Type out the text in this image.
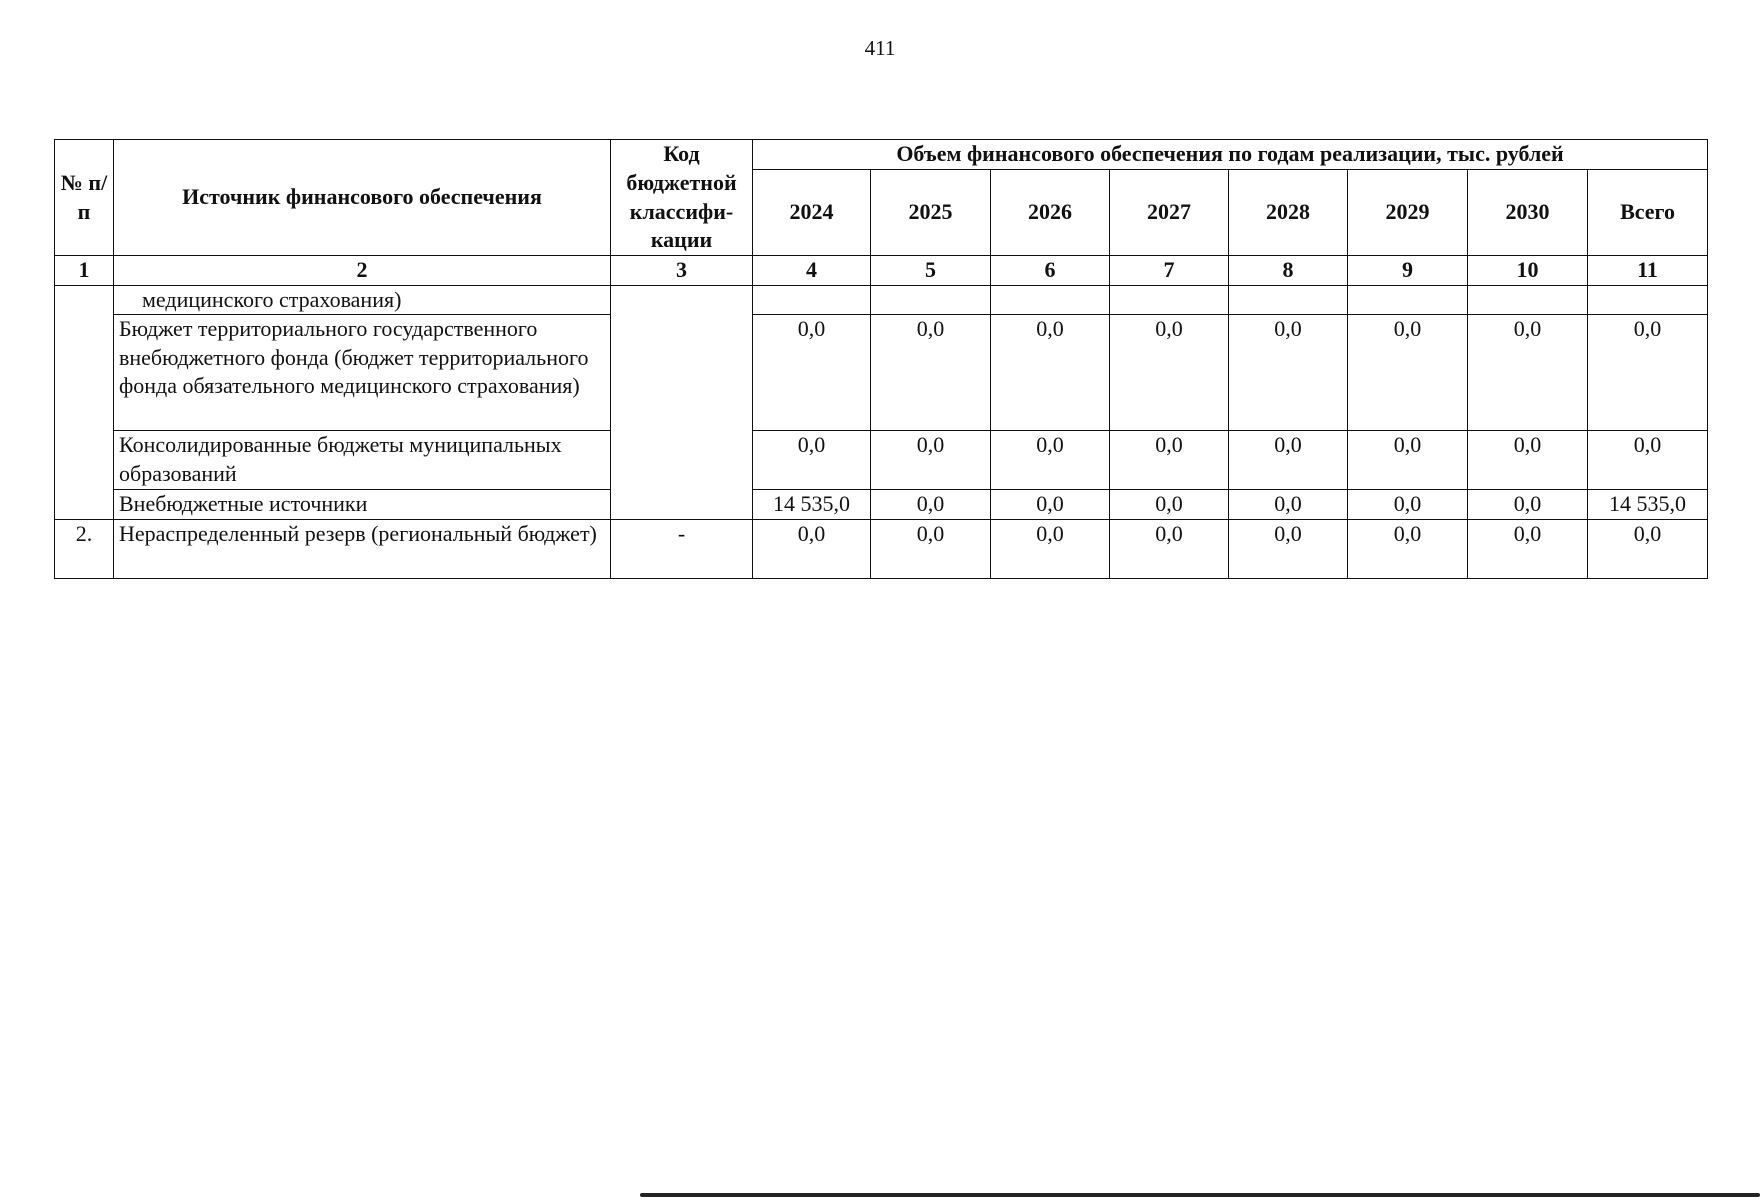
411
№ п/п	Источник финансового обеспечения	Код бюджетной классифи-кации	Объем финансового обеспечения по годам реализации, тыс. рублей							
			2024	2025	2026	2027	2028	2029	2030	Всего
1	2	3	4	5	6	7	8	9	10	11
	медицинского страхования)									
	Бюджет территориального государственного внебюджетного фонда (бюджет территориального фонда обязательного медицинского страхования)		0,0	0,0	0,0	0,0	0,0	0,0	0,0	0,0
	Консолидированные бюджеты муниципальных образований		0,0	0,0	0,0	0,0	0,0	0,0	0,0	0,0
	Внебюджетные источники		14 535,0	0,0	0,0	0,0	0,0	0,0	0,0	14 535,0
2.	Нераспределенный резерв (региональный бюджет)	-	0,0	0,0	0,0	0,0	0,0	0,0	0,0	0,0
